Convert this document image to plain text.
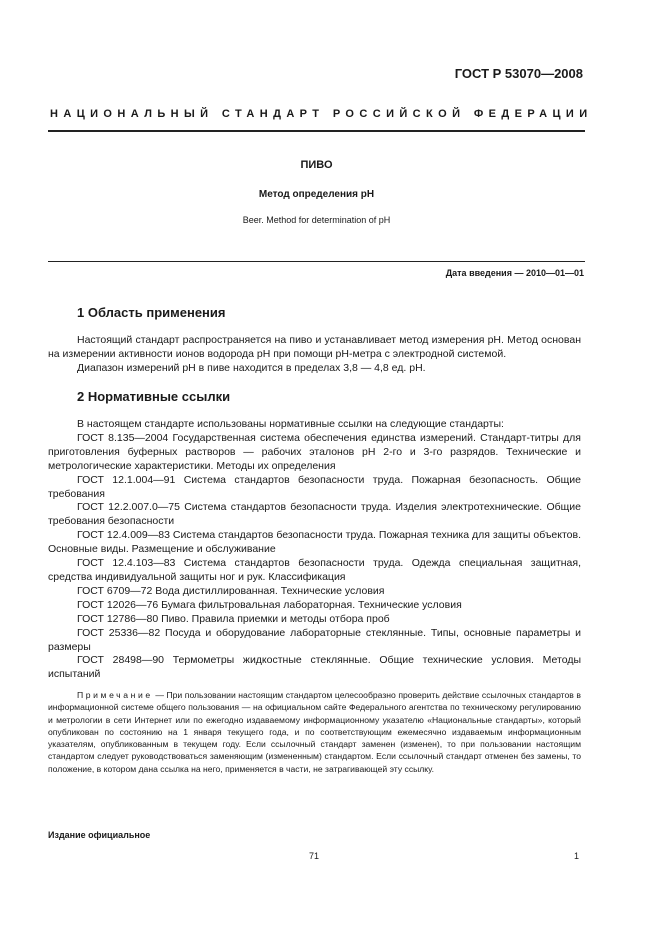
ГОСТ Р 53070—2008
НАЦИОНАЛЬНЫЙ СТАНДАРТ РОССИЙСКОЙ ФЕДЕРАЦИИ
ПИВО
Метод определения рН
Beer. Method for determination of pH
Дата введения — 2010—01—01
1 Область применения

Настоящий стандарт распространяется на пиво и устанавливает метод измерения рН. Метод основан на измерении активности ионов водорода рН при помощи рН-метра с электродной системой.

Диапазон измерений рН в пиве находится в пределах 3,8 — 4,8 ед. рН.

2 Нормативные ссылки

В настоящем стандарте использованы нормативные ссылки на следующие стандарты:

ГОСТ 8.135—2004 Государственная система обеспечения единства измерений. Стандарт-титры для приготовления буферных растворов — рабочих эталонов рН 2-го и 3-го разрядов. Технические и метрологические характеристики. Методы их определения

ГОСТ 12.1.004—91 Система стандартов безопасности труда. Пожарная безопасность. Общие требования

ГОСТ 12.2.007.0—75 Система стандартов безопасности труда. Изделия электротехнические. Общие требования безопасности

ГОСТ 12.4.009—83 Система стандартов безопасности труда. Пожарная техника для защиты объектов. Основные виды. Размещение и обслуживание

ГОСТ 12.4.103—83 Система стандартов безопасности труда. Одежда специальная защитная, средства индивидуальной защиты ног и рук. Классификация

ГОСТ 6709—72 Вода дистиллированная. Технические условия

ГОСТ 12026—76 Бумага фильтровальная лабораторная. Технические условия

ГОСТ 12786—80 Пиво. Правила приемки и методы отбора проб

ГОСТ 25336—82 Посуда и оборудование лабораторные стеклянные. Типы, основные параметры и размеры

ГОСТ 28498—90 Термометры жидкостные стеклянные. Общие технические условия. Методы испытаний

Примечание — При пользовании настоящим стандартом целесообразно проверить действие ссылочных стандартов в информационной системе общего пользования — на официальном сайте Федерального агентства по техническому регулированию и метрологии в сети Интернет или по ежегодно издаваемому информационному указателю «Национальные стандарты», который опубликован по состоянию на 1 января текущего года, и по соответствующим ежемесячно издаваемым информационным указателям, опубликованным в текущем году. Если ссылочный стандарт заменен (изменен), то при пользовании настоящим стандартом следует руководствоваться заменяющим (измененным) стандартом. Если ссылочный стандарт отменен без замены, то положение, в котором дана ссылка на него, применяется в части, не затрагивающей эту ссылку.
Издание официальное
71	1
